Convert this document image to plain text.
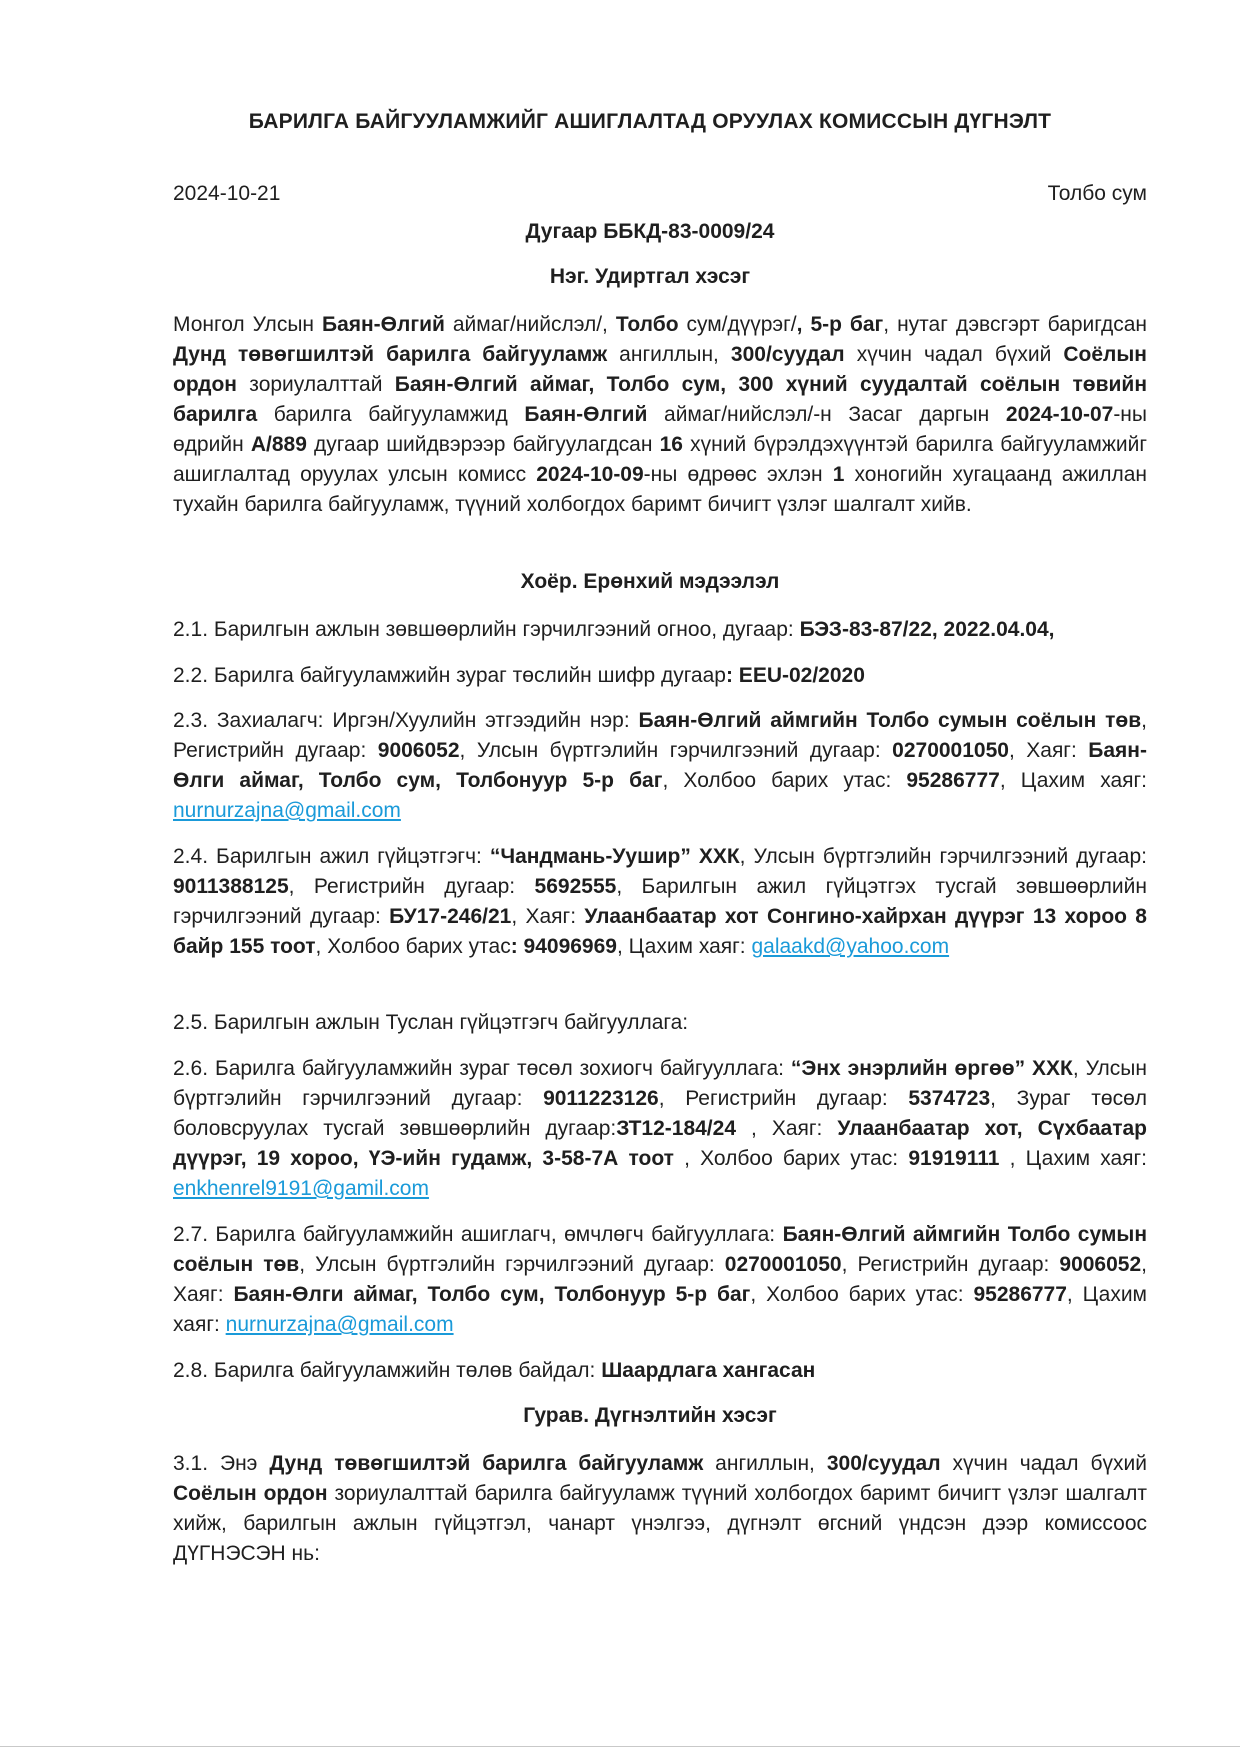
БАРИЛГА БАЙГУУЛАМЖИЙГ АШИГЛАЛТАД ОРУУЛАХ КОМИССЫН ДҮГНЭЛТ
2024-10-21	Толбо сум
Дугаар ББКД-83-0009/24
Нэг. Удиртгал хэсэг
Монгол Улсын Баян-Өлгий аймаг/нийслэл/, Толбо сум/дүүрэг/, 5-р баг, нутаг дэвсгэрт баригдсан Дунд төвөгшилтэй барилга байгууламж ангиллын, 300/суудал хүчин чадал бүхий Соёлын ордон зориулалттай Баян-Өлгий аймаг, Толбо сум, 300 хүний суудалтай соёлын төвийн барилга барилга байгууламжид Баян-Өлгий аймаг/нийслэл/-н Засаг даргын 2024-10-07-ны өдрийн А/889 дугаар шийдвэрээр байгуулагдсан 16 хүний бүрэлдэхүүнтэй барилга байгууламжийг ашиглалтад оруулах улсын комисс 2024-10-09-ны өдрөөс эхлэн 1 хоногийн хугацаанд ажиллан тухайн барилга байгууламж, түүний холбогдох баримт бичигт үзлэг шалгалт хийв.
Хоёр. Ерөнхий мэдээлэл
2.1. Барилгын ажлын зөвшөөрлийн гэрчилгээний огноо, дугаар: БЭЗ-83-87/22, 2022.04.04,
2.2. Барилга байгууламжийн зураг төслийн шифр дугаар: EEU-02/2020
2.3. Захиалагч: Иргэн/Хуулийн этгээдийн нэр: Баян-Өлгий аймгийн Толбо сумын соёлын төв, Регистрийн дугаар: 9006052, Улсын бүртгэлийн гэрчилгээний дугаар: 0270001050, Хаяг: Баян-Өлги аймаг, Толбо сум, Толбонуур 5-р баг, Холбоо барих утас: 95286777, Цахим хаяг: nurnurzajna@gmail.com
2.4. Барилгын ажил гүйцэтгэгч: “Чандмань-Уушир” ХХК, Улсын бүртгэлийн гэрчилгээний дугаар: 9011388125, Регистрийн дугаар: 5692555, Барилгын ажил гүйцэтгэх тусгай зөвшөөрлийн гэрчилгээний дугаар: БУ17-246/21, Хаяг: Улаанбаатар хот Сонгино-хайрхан дүүрэг 13 хороо 8 байр 155 тоот, Холбоо барих утас: 94096969, Цахим хаяг: galaakd@yahoo.com
2.5. Барилгын ажлын Туслан гүйцэтгэгч байгууллага:
2.6. Барилга байгууламжийн зураг төсөл зохиогч байгууллага: “Энх энэрлийн өргөө” ХХК, Улсын бүртгэлийн гэрчилгээний дугаар: 9011223126, Регистрийн дугаар: 5374723, Зураг төсөл боловсруулах тусгай зөвшөөрлийн дугаар:ЗТ12-184/24 , Хаяг: Улаанбаатар хот, Сүхбаатар дүүрэг, 19 хороо, ҮЭ-ийн гудамж, 3-58-7А тоот , Холбоо барих утас: 91919111 , Цахим хаяг: enkhenrel9191@gamil.com
2.7. Барилга байгууламжийн ашиглагч, өмчлөгч байгууллага: Баян-Өлгий аймгийн Толбо сумын соёлын төв, Улсын бүртгэлийн гэрчилгээний дугаар: 0270001050, Регистрийн дугаар: 9006052, Хаяг: Баян-Өлги аймаг, Толбо сум, Толбонуур 5-р баг, Холбоо барих утас: 95286777, Цахим хаяг: nurnurzajna@gmail.com
2.8. Барилга байгууламжийн төлөв байдал: Шаардлага хангасан
Гурав. Дүгнэлтийн хэсэг
3.1. Энэ Дунд төвөгшилтэй барилга байгууламж ангиллын, 300/суудал хүчин чадал бүхий Соёлын ордон зориулалттай барилга байгууламж түүний холбогдох баримт бичигт үзлэг шалгалт хийж, барилгын ажлын гүйцэтгэл, чанарт үнэлгээ, дүгнэлт өгсний үндсэн дээр комиссоос ДҮГНЭСЭН нь:
